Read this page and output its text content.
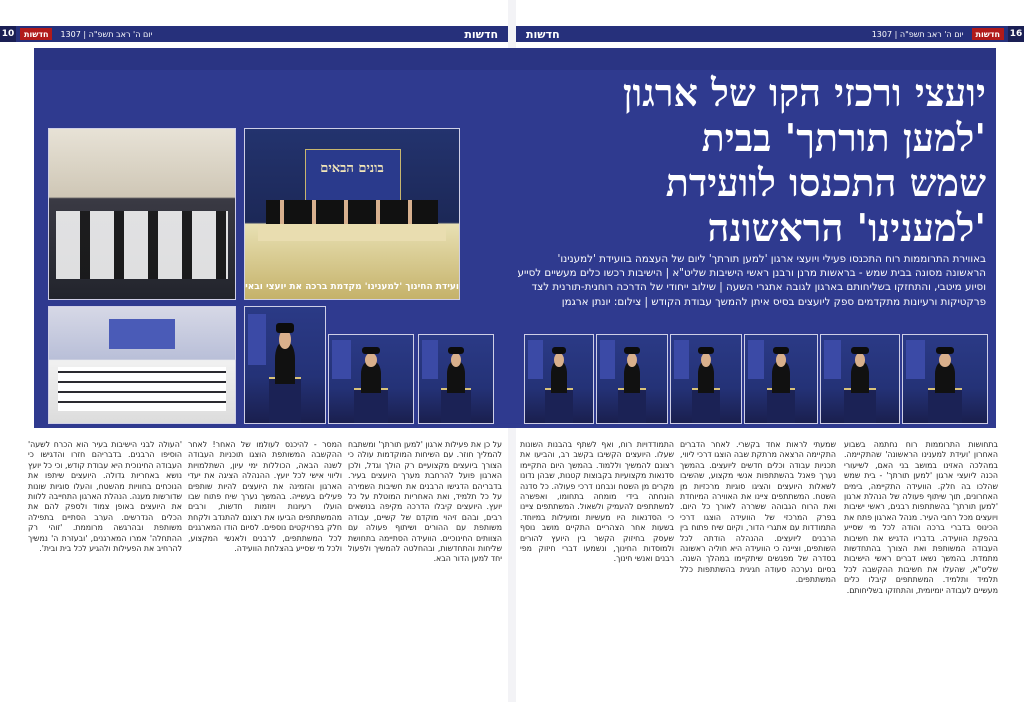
10	חדשות	יום ה' ראב תשפ"ה | 1307	חדשות	חדשות	יום ה' ראב תשפ"ה | 1307	חדשות	16
בונים הבאים
ועידת החינוך 'למענינו' מקדמת ברכה את יועצי ובאי
יועצי ורכזי הקו של ארגון
'למען תורתך' בבית
שמש התכנסו לוועידת
'למענינו' הראשונה
באווירת התרוממות רוח התכנסו פעילי ויועצי ארגון 'למען תורתך' ליום של העצמה בוועידת 'למענינו' הראשונה מסונה בבית שמש - בראשות מרנן ורבנן ראשי הישיבות שליט"א | הישיבות רכשו כלים מעשיים לסייע וסיוע מיטבי, והתחזקו בשליחותם בארגון לגובה אתגרי השעה | שילוב ייחודי של הדרכה רוחנית-תורנית לצד פרקטיקות ורעיונות מתקדמים ספק ליועצים בסיס איתן להמשך עבודת הקודש | צילום: יונתן ארגמן

בתחושות התרוממות רוח נחתמה בשבוע האחרון 'ועידת למענינו הראשונה' שהתקיימה. במהלכה האזינו במושב בני האם, לשיעורי הכנה ליועצי ארגון 'למען תורתך' - בית שמש שהלכו בה חלק. הוועידה התקיימה, בימים האחרונים, תוך שיתוף פעולה של הנהלת ארגון 'למען תורתך' בהשתתפות רבנים, ראשי ישיבות ויועצים מכל רחבי העיר. מנהל הארגון פתח את הכינוס בדברי ברכה והודה לכל מי שסייע בהפקת הוועידה. בדבריו הדגיש את חשיבות העבודה המשותפת ואת הצורך בהתחדשות מתמדת. בהמשך נשאו דברים ראשי הישיבות שליט"א, שהעלו את חשיבות ההקשבה לכל תלמיד ותלמיד. המשתתפים קיבלו כלים מעשיים לעבודה יומיומית, והתחזקו בשליחותם.

שמעתי לראות אחד בקשרי. לאחר הדברים התקיימה הרצאה מרתקת שבה הוצגו דרכי ליווי, תכניות עבודה וכלים חדשים ליועצים. בהמשך נערך פאנל בהשתתפות אנשי מקצוע, שהשיבו לשאלות היועצים והציגו סוגיות מרכזיות מן השטח. המשתתפים ציינו את האווירה המיוחדת ואת הרוח הגבוהה ששררה לאורך כל היום. בפרק המרכזי של הוועידה הוצגו דרכי התמודדות עם אתגרי הדור, וקיום שיח פתוח בין הרבנים ליועצים. ההנהלה הודתה לכל השותפים, וציינה כי הוועידה היא חוליה ראשונה בסדרה של מפגשים שיתקיימו במהלך השנה. בסיום נערכה סעודה חגיגית בהשתתפות כלל המשתתפים.

התמודדויות רוח, ואף לשתף בהבנות השונות שעלו. היועצים הקשיבו בקשב רב, והביעו את רצונם להמשיך וללמוד. בהמשך היום התקיימו סדנאות מקצועיות בקבוצות קטנות, שבהן נדונו מקרים מן השטח ונבחנו דרכי פעולה. כל סדנה הונחתה בידי מומחה בתחומו, ואפשרה למשתתפים להעמיק ולשאול. המשתתפים ציינו כי הסדנאות היו מעשיות ומועילות במיוחד. בשעות אחר הצהריים התקיים מושב נוסף שעסק בחיזוק הקשר בין היועץ להורים ולמוסדות החינוך, ונשמעו דברי חיזוק מפי רבנים ואנשי חינוך.

על כן את פעילות ארגון 'למען תורתך' ומשתבח להמליך חוזר. עם השיחות המוקדמות עולה כי הצורך ביועצים מקצועיים רק הולך וגדל, ולכן הארגון פועל להרחבת מערך היועצים בעיר. בדבריהם הדגישו הרבנים את חשיבות השמירה על כל תלמיד, ואת האחריות המוטלת על כל יועץ. היועצים קיבלו הדרכה מקיפה בנושאים רבים, ובהם זיהוי מוקדם של קשיים, עבודה משותפת עם ההורים ושיתוף פעולה עם הצוותים החינוכיים. הוועידה הסתיימה בתחושת שליחות והתחדשות, ובהחלטה להמשיך ולפעול יחד למען הדור הבא.

המסר - להיכנס לעולמו של האחר! לאחר ההקשבה המשותפת הוצגו תוכניות העבודה לשנה הבאה, הכוללות ימי עיון, השתלמויות וליווי אישי לכל יועץ. ההנהלה הציגה את יעדי הארגון והזמינה את היועצים להיות שותפים פעילים בעשייה. בהמשך נערך שיח פתוח שבו הועלו רעיונות ויוזמות חדשות, ורבים מהמשתתפים הביעו את רצונם להתנדב ולקחת חלק בפרויקטים נוספים. לסיום הודו המארגנים לכל המשתתפים, לרבנים ולאנשי המקצוע, ולכל מי שסייע בהצלחת הוועידה.

'העולה לבני הישיבות בעיר הוא הכרח לשעה' הוסיפו הרבנים. בדבריהם חזרו והדגישו כי העבודה החינוכית היא עבודת קודש, וכי כל יועץ נושא באחריות גדולה. היועצים שיתפו את הנוכחים בחוויות מהשטח, והעלו סוגיות שונות שדורשות מענה. הנהלת הארגון התחייבה ללוות את היועצים באופן צמוד ולספק להם את הכלים הנדרשים. הערב הסתיים בתפילה משותפת ובהרגשה מרוממת. 'זוהי רק ההתחלה' אמרו המארגנים, 'ובעזרת ה' נמשיך להרחיב את הפעילות ולהגיע לכל בית ובית'.
